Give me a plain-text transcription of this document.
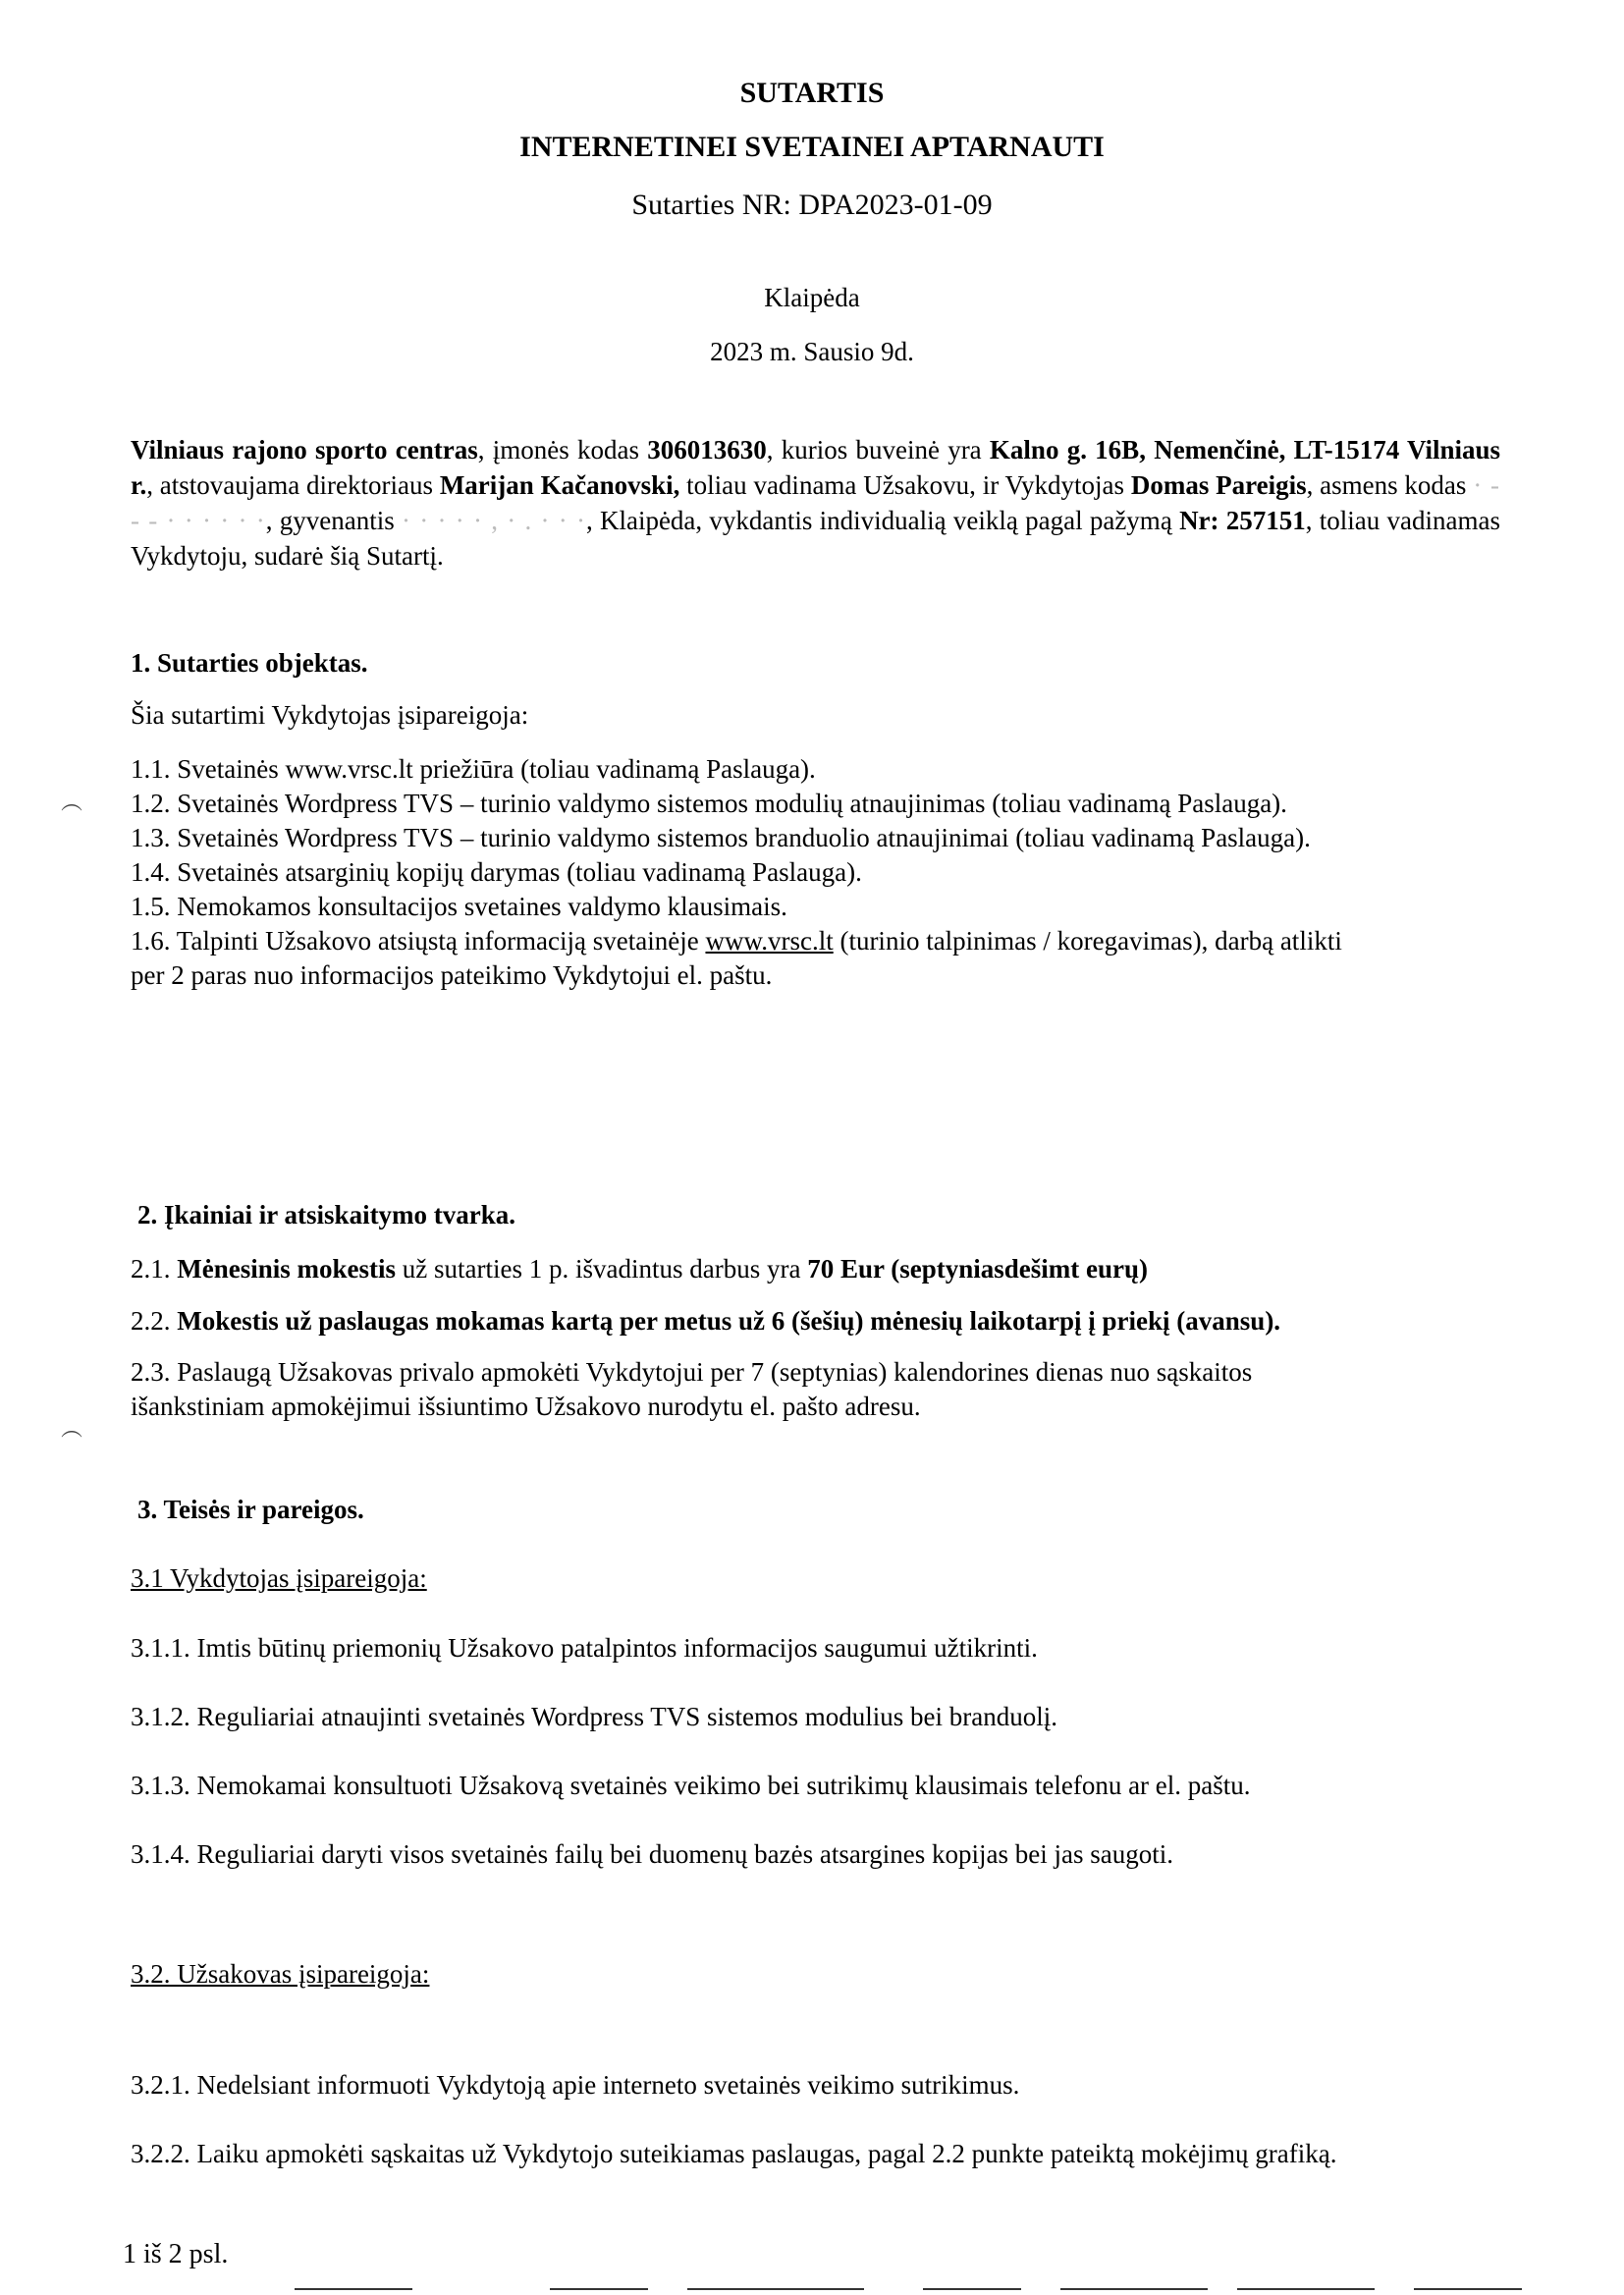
SUTARTIS
INTERNETINEI SVETAINEI APTARNAUTI
Sutarties NR: DPA2023-01-09
Klaipėda
2023 m. Sausio 9d.
Vilniaus rajono sporto centras, įmonės kodas 306013630, kurios buveinė yra Kalno g. 16B, Nemenčinė, LT-15174 Vilniaus r., atstovaujama direktoriaus Marijan Kačanovski, toliau vadinama Užsakovu, ir Vykdytojas Domas Pareigis, asmens kodas · - - - · · · · · ·, gyvenantis · · · · · , · . · · ·, Klaipėda, vykdantis individualią veiklą pagal pažymą Nr: 257151, toliau vadinamas Vykdytoju, sudarė šią Sutartį.
1. Sutarties objektas.
Šia sutartimi Vykdytojas įsipareigoja:
1.1. Svetainės www.vrsc.lt priežiūra (toliau vadinamą Paslauga).
1.2. Svetainės Wordpress TVS – turinio valdymo sistemos modulių atnaujinimas (toliau vadinamą Paslauga).
1.3. Svetainės Wordpress TVS – turinio valdymo sistemos branduolio atnaujinimai (toliau vadinamą Paslauga).
1.4. Svetainės atsarginių kopijų darymas (toliau vadinamą Paslauga).
1.5. Nemokamos konsultacijos svetaines valdymo klausimais.
1.6. Talpinti Užsakovo atsiųstą informaciją svetainėje www.vrsc.lt (turinio talpinimas / koregavimas), darbą atlikti
per 2 paras nuo informacijos pateikimo Vykdytojui el. paštu.
︵
︵
2. Įkainiai ir atsiskaitymo tvarka.
2.1. Mėnesinis mokestis už sutarties 1 p. išvadintus darbus yra 70 Eur (septyniasdešimt eurų)
2.2. Mokestis už paslaugas mokamas kartą per metus už 6 (šešių) mėnesių laikotarpį į priekį (avansu).
2.3. Paslaugą Užsakovas privalo apmokėti Vykdytojui per 7 (septynias) kalendorines dienas nuo sąskaitos
išankstiniam apmokėjimui išsiuntimo Užsakovo nurodytu el. pašto adresu.
3. Teisės ir pareigos.
3.1 Vykdytojas įsipareigoja:
3.1.1. Imtis būtinų priemonių Užsakovo patalpintos informacijos saugumui užtikrinti.
3.1.2. Reguliariai atnaujinti svetainės Wordpress TVS sistemos modulius bei branduolį.
3.1.3. Nemokamai konsultuoti Užsakovą svetainės veikimo bei sutrikimų klausimais telefonu ar el. paštu.
3.1.4. Reguliariai daryti visos svetainės failų bei duomenų bazės atsargines kopijas bei jas saugoti.
3.2. Užsakovas įsipareigoja:
3.2.1. Nedelsiant informuoti Vykdytoją apie interneto svetainės veikimo sutrikimus.
3.2.2. Laiku apmokėti sąskaitas už Vykdytojo suteikiamas paslaugas, pagal 2.2 punkte pateiktą mokėjimų grafiką.
1 iš 2 psl.
